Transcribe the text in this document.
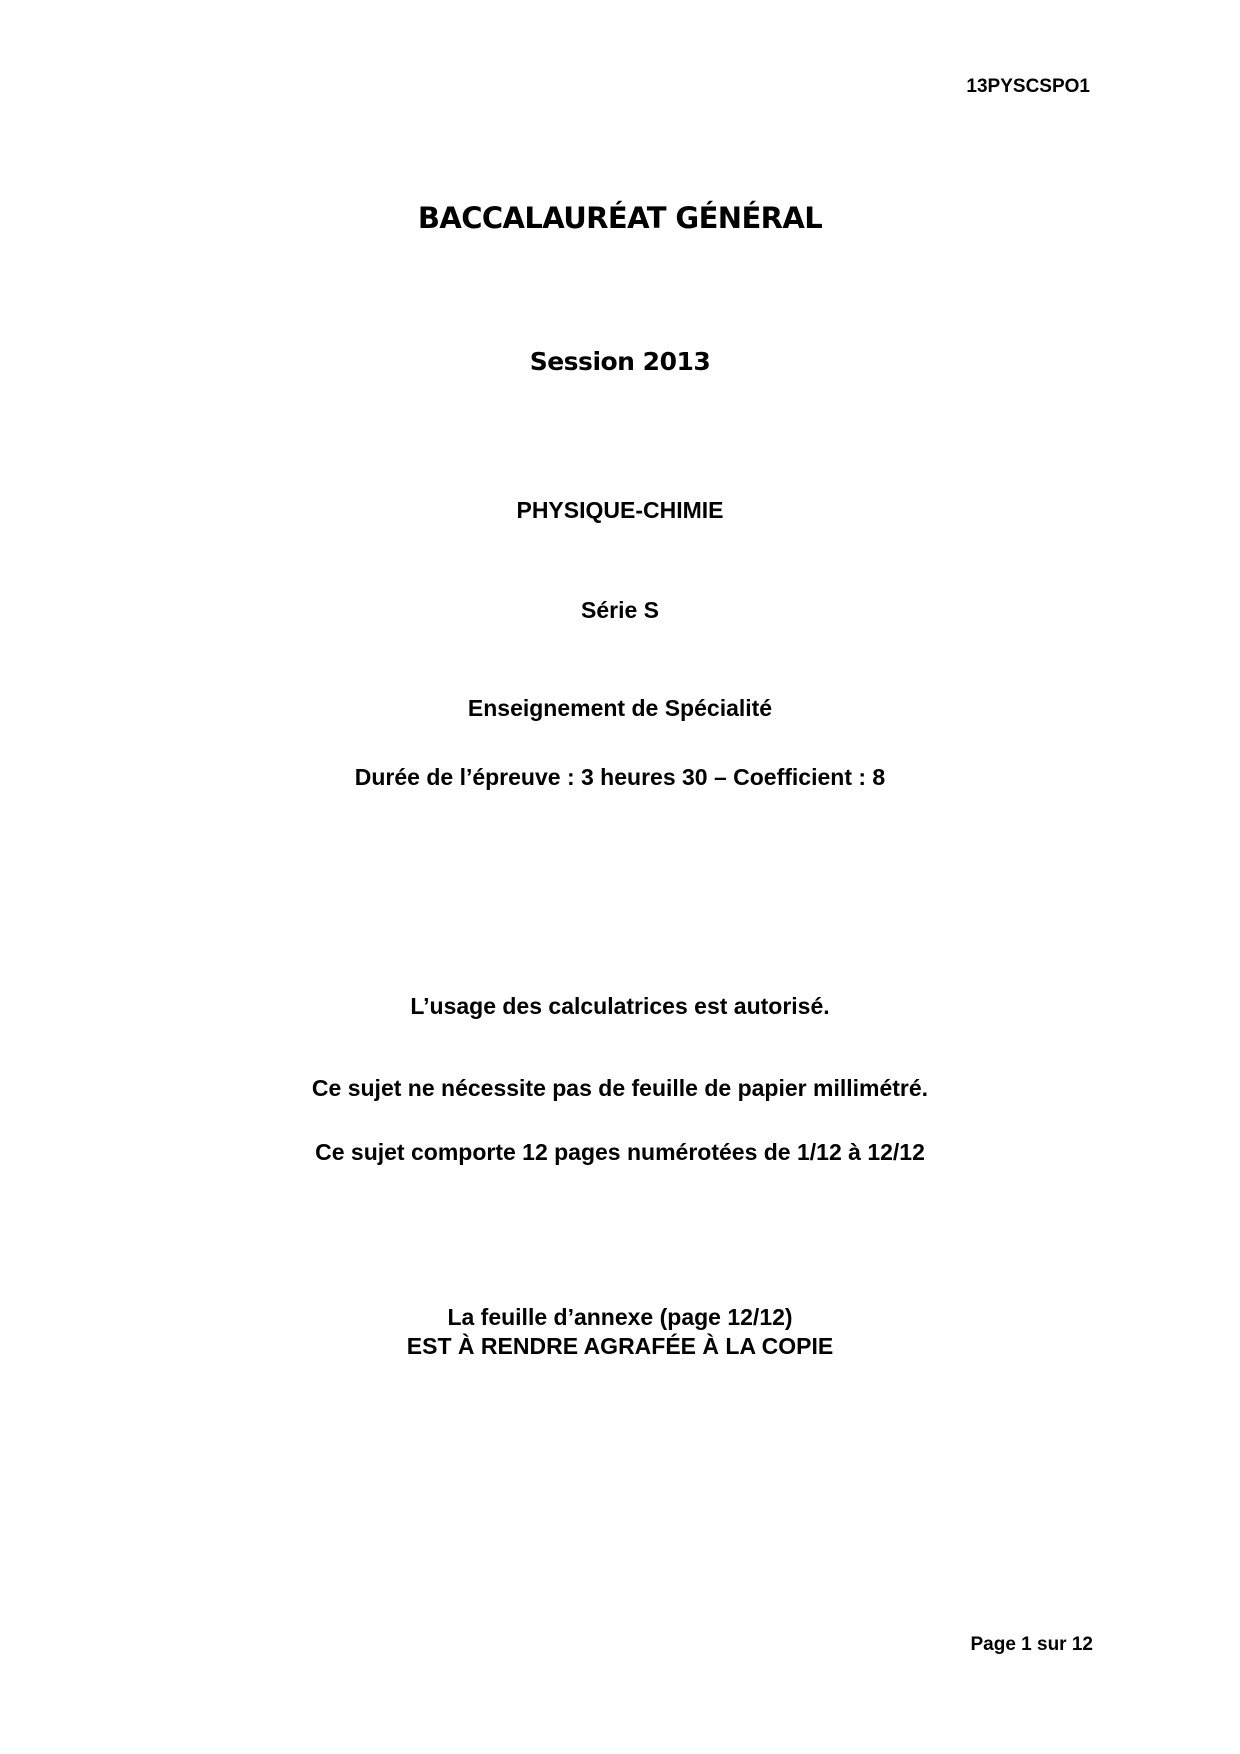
13PYSCSPO1
BACCALAURÉAT GÉNÉRAL
Session 2013
PHYSIQUE-CHIMIE
Série S
Enseignement de Spécialité
Durée de l’épreuve : 3 heures 30 – Coefficient : 8
L’usage des calculatrices est autorisé.
Ce sujet ne nécessite pas de feuille de papier millimétré.
Ce sujet comporte 12 pages numérotées de 1/12 à 12/12
La feuille d’annexe (page 12/12)
EST À RENDRE AGRAFÉE À LA COPIE
Page 1 sur 12
